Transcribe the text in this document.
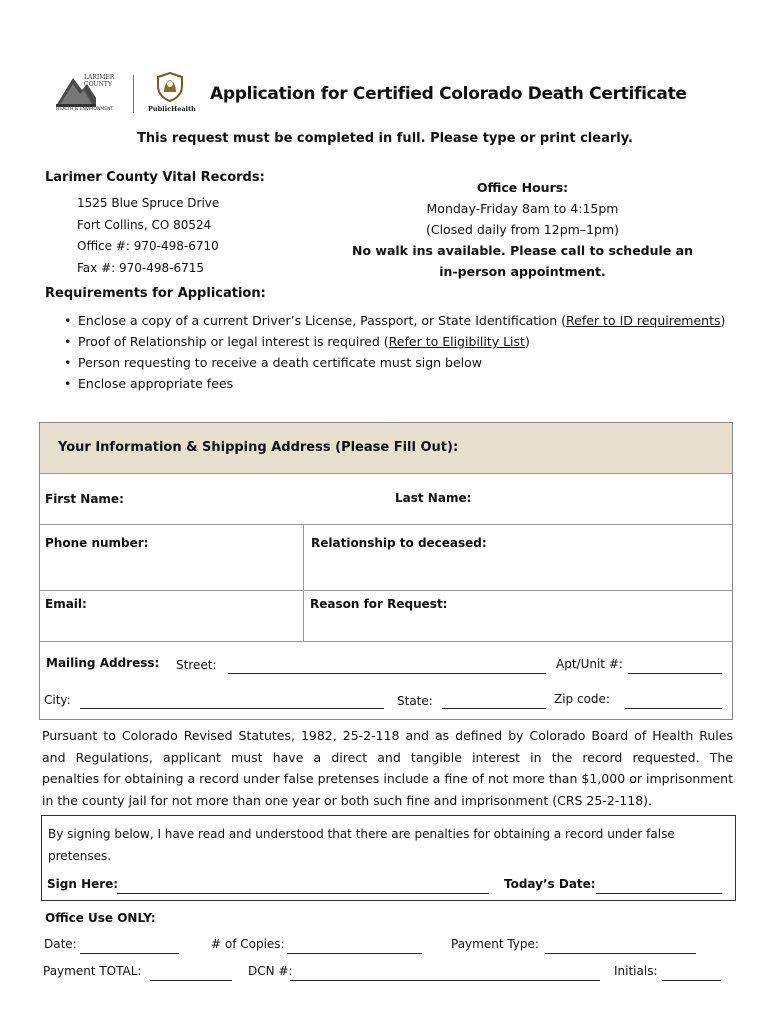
LARIMER
COUNTY
HEALTH & ENVIRONMENT	PublicHealth
Application for Certified Colorado Death Certificate
This request must be completed in full. Please type or print clearly.
Larimer County Vital Records:
1525 Blue Spruce Drive
Fort Collins, CO 80524
Office #: 970-498-6710
Fax #: 970-498-6715
Office Hours:
Monday-Friday 8am to 4:15pm
(Closed daily from 12pm–1pm)
No walk ins available. Please call to schedule an
in-person appointment.
Requirements for Application:
• Enclose a copy of a current Driver’s License, Passport, or State Identification (Refer to ID requirements)
• Proof of Relationship or legal interest is required (Refer to Eligibility List)
• Person requesting to receive a death certificate must sign below
• Enclose appropriate fees
Your Information & Shipping Address (Please Fill Out):
First Name:	Last Name:
Phone number:	Relationship to deceased:
Email:	Reason for Request:
Mailing Address: Street:	Apt/Unit #:
City:	State:	Zip code:

Pursuant to Colorado Revised Statutes, 1982, 25-2-118 and as defined by Colorado Board of Health Rules

and Regulations, applicant must have a direct and tangible interest in the record requested. The

penalties for obtaining a record under false pretenses include a fine of not more than $1,000 or imprisonment

in the county jail for not more than one year or both such fine and imprisonment (CRS 25-2-118).

By signing below, I have read and understood that there are penalties for obtaining a record under false
pretenses.
Sign Here:	Today’s Date:
Office Use ONLY:
Date:	# of Copies:	Payment Type:
Payment TOTAL:	DCN #:	Initials:
